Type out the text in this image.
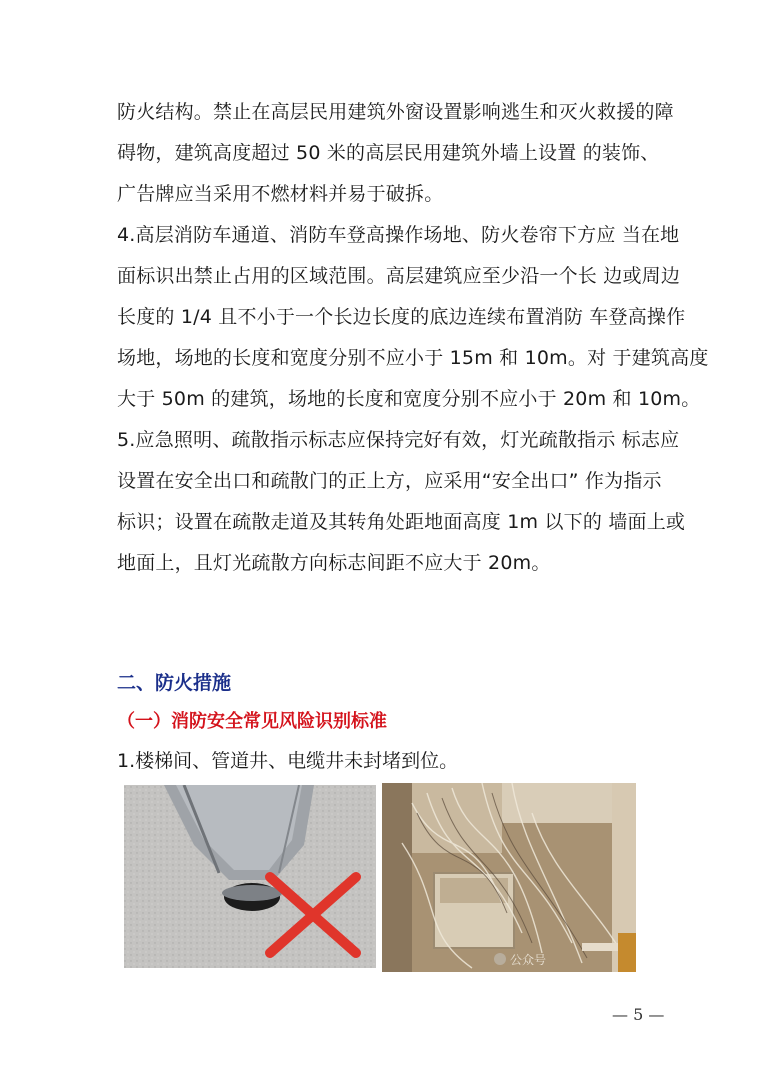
防火结构。禁止在高层民用建筑外窗设置影响逃生和灭火救援的障

碍物，建筑高度超过 50 米的高层民用建筑外墙上设置 的装饰、

广告牌应当采用不燃材料并易于破拆。

4.高层消防车通道、消防车登高操作场地、防火卷帘下方应 当在地

面标识出禁止占用的区域范围。高层建筑应至少沿一个长 边或周边

长度的 1/4 且不小于一个长边长度的底边连续布置消防 车登高操作

场地，场地的长度和宽度分别不应小于 15m 和 10m。对 于建筑高度

大于 50m 的建筑，场地的长度和宽度分别不应小于 20m 和 10m。

5.应急照明、疏散指示标志应保持完好有效，灯光疏散指示 标志应

设置在安全出口和疏散门的正上方，应采用“安全出口” 作为指示

标识；设置在疏散走道及其转角处距地面高度 1m 以下的 墙面上或

地面上，且灯光疏散方向标志间距不应大于 20m。

二、防火措施
（一）消防安全常见风险识别标准

1.楼梯间、管道井、电缆井未封堵到位。

公众号
— 5 —
